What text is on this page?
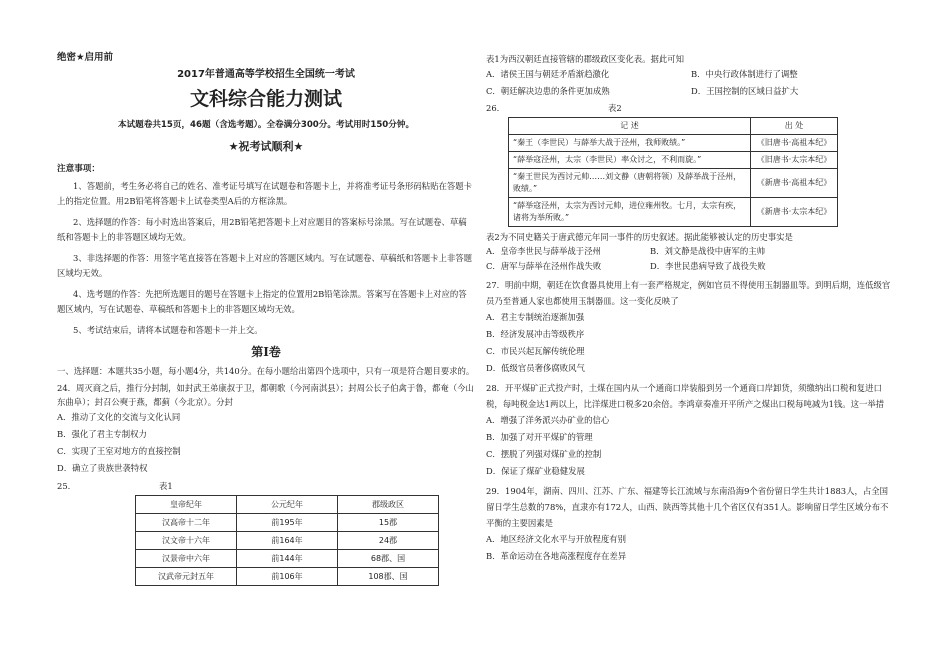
绝密★启用前
2017年普通高等学校招生全国统一考试
文科综合能力测试
本试题卷共15页，46题（含选考题）。全卷满分300分。考试用时150分钟。
★祝考试顺利★
注意事项：

1、答题前，考生务必将自己的姓名、准考证号填写在试题卷和答题卡上，并将准考证号条形码粘贴在答题卡上的指定位置。用2B铅笔将答题卡上试卷类型A后的方框涂黑。

2、选择题的作答：每小时选出答案后，用2B铅笔把答题卡上对应题目的答案标号涂黑。写在试题卷、草稿纸和答题卡上的非答题区域均无效。

3、非选择题的作答：用签字笔直接答在答题卡上对应的答题区域内。写在试题卷、草稿纸和答题卡上非答题区域均无效。

4、选考题的作答：先把所选题目的题号在答题卡上指定的位置用2B铅笔涂黑。答案写在答题卡上对应的答题区域内，写在试题卷、草稿纸和答题卡上的非答题区域均无效。

5、考试结束后，请将本试题卷和答题卡一并上交。

第Ⅰ卷

一、选择题：本题共35小题，每小题4分，共140分。在每小题给出第四个选项中，只有一项是符合题目要求的。

24．周灭商之后，推行分封制，如封武王弟康叔于卫，都朝歌（今河南淇县）；封周公长子伯禽于鲁，都奄（今山东曲阜）；封召公奭于燕，都蓟（今北京）。分封

A．推动了文化的交流与文化认同
B．强化了君主专制权力
C．实现了王室对地方的直接控制
D．确立了贵族世袭特权
25.	表1
皇帝纪年	公元纪年	郡级政区
汉高帝十二年	前195年	15郡
汉文帝十六年	前164年	24郡
汉景帝中六年	前144年	68郡、国
汉武帝元封五年	前106年	108郡、国

表1为西汉朝廷直接管辖的郡级政区变化表。据此可知

A．诸侯王国与朝廷矛盾渐趋激化	B．中央行政体制进行了调整
C．朝廷解决边患的条件更加成熟	D．王国控制的区域日益扩大
26.	表2
记 述	出 处
“秦王（李世民）与薛举大战于泾州，我师败绩。”	《旧唐书·高祖本纪》
“薛举寇泾州，太宗（李世民）率众讨之，不利而旋。”	《旧唐书·太宗本纪》
“秦王世民为西讨元帅……刘文静（唐朝将领）及薛举战于泾州，败绩。”	《新唐书·高祖本纪》
“薛举寇泾州，太宗为西讨元帅，进位雍州牧。七月，太宗有疾，诸将为举所败。”	《新唐书·太宗本纪》

表2为不同史籍关于唐武德元年同一事件的历史叙述。据此能够被认定的历史事实是

A．皇帝李世民与薛举战于泾州	B．刘文静是战役中唐军的主帅
C．唐军与薛举在泾州作战失败	D．李世民患病导致了战役失败

27．明前中期，朝廷在饮食器具使用上有一套严格规定，例如官员不得使用玉制器皿等。到明后期，连低级官员乃至普通人家也都使用玉制器皿。这一变化反映了

A．君主专制统治逐渐加强
B．经济发展冲击等级秩序
C．市民兴起瓦解传统伦理
D．低级官员奢侈腐败风气

28．开平煤矿正式投产时，土煤在国内从一个通商口岸装船到另一个通商口岸卸货，须缴纳出口税和复进口税，每吨税金达1两以上，比洋煤进口税多20余倍。李鸿章奏准开平所产之煤出口税每吨减为1钱。这一举措

A．增强了洋务派兴办矿业的信心
B．加强了对开平煤矿的管理
C．摆脱了列强对煤矿业的控制
D．保证了煤矿业稳健发展

29．1904年，湖南、四川、江苏、广东、福建等长江流域与东南沿海9个省份留日学生共计1883人，占全国留日学生总数的78%，直隶亦有172人，山西、陕西等其他十几个省区仅有351人。影响留日学生区域分布不平衡的主要因素是

A．地区经济文化水平与开放程度有别
B．革命运动在各地高涨程度存在差异
